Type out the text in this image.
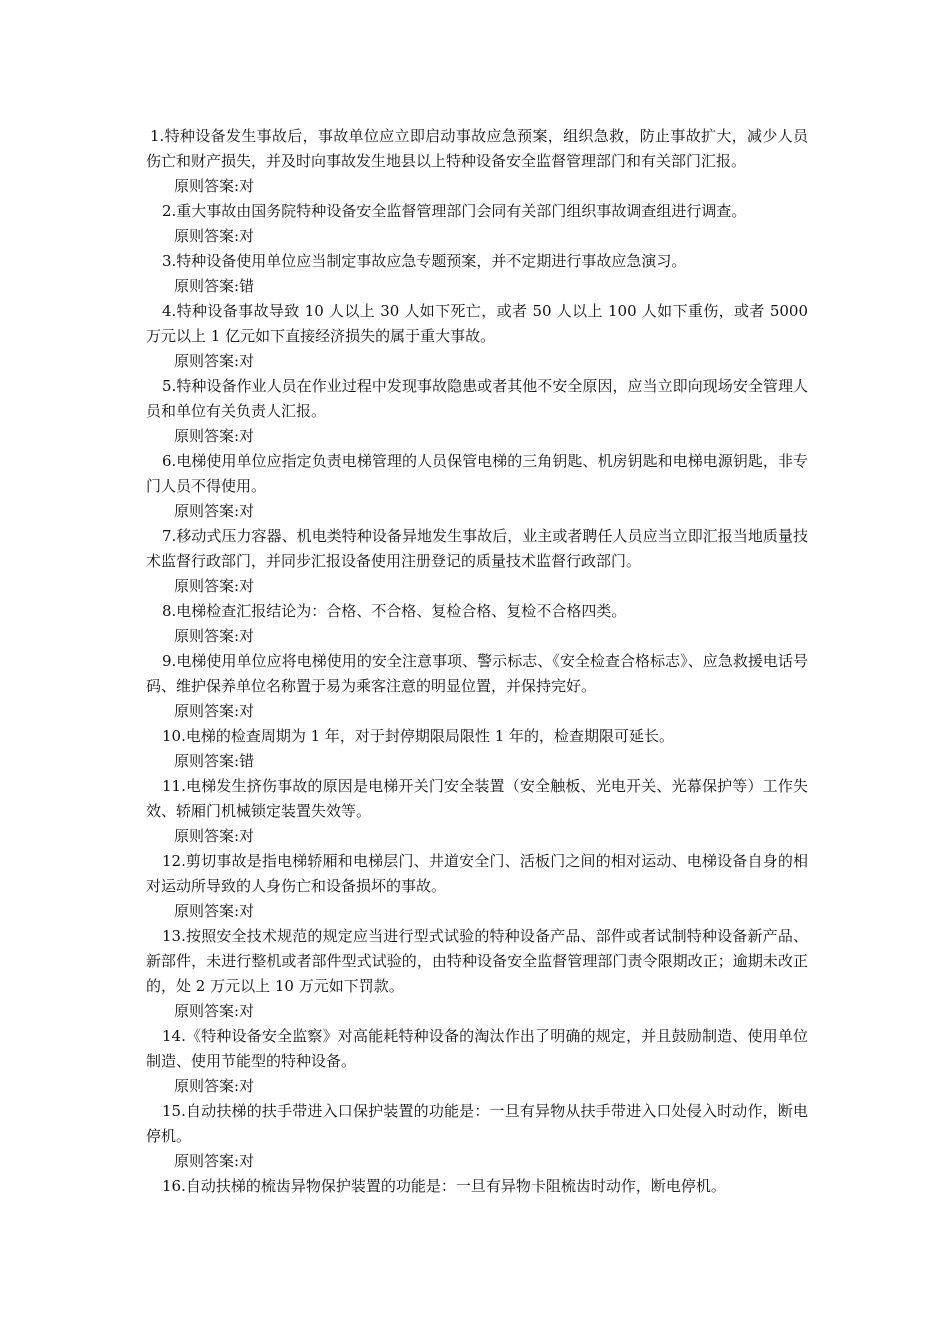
1.特种设备发生事故后，事故单位应立即启动事故应急预案，组织急救，防止事故扩大，减少人员伤亡和财产损失，并及时向事故发生地县以上特种设备安全监督管理部门和有关部门汇报。

原则答案:对

2.重大事故由国务院特种设备安全监督管理部门会同有关部门组织事故调查组进行调查。

原则答案:对

3.特种设备使用单位应当制定事故应急专题预案，并不定期进行事故应急演习。

原则答案:错

4.特种设备事故导致 10 人以上 30 人如下死亡，或者 50 人以上 100 人如下重伤，或者 5000 万元以上 1 亿元如下直接经济损失的属于重大事故。

原则答案:对

5.特种设备作业人员在作业过程中发现事故隐患或者其他不安全原因，应当立即向现场安全管理人员和单位有关负责人汇报。

原则答案:对

6.电梯使用单位应指定负责电梯管理的人员保管电梯的三角钥匙、机房钥匙和电梯电源钥匙，非专门人员不得使用。

原则答案:对

7.移动式压力容器、机电类特种设备异地发生事故后，业主或者聘任人员应当立即汇报当地质量技术监督行政部门，并同步汇报设备使用注册登记的质量技术监督行政部门。

原则答案:对

8.电梯检查汇报结论为：合格、不合格、复检合格、复检不合格四类。

原则答案:对

9.电梯使用单位应将电梯使用的安全注意事项、警示标志、《安全检查合格标志》、应急救援电话号码、维护保养单位名称置于易为乘客注意的明显位置，并保持完好。

原则答案:对

10.电梯的检查周期为 1 年，对于封停期限局限性 1 年的，检查期限可延长。

原则答案:错

11.电梯发生挤伤事故的原因是电梯开关门安全装置（安全触板、光电开关、光幕保护等）工作失效、轿厢门机械锁定装置失效等。

原则答案:对

12.剪切事故是指电梯轿厢和电梯层门、井道安全门、活板门之间的相对运动、电梯设备自身的相对运动所导致的人身伤亡和设备损坏的事故。

原则答案:对

13.按照安全技术规范的规定应当进行型式试验的特种设备产品、部件或者试制特种设备新产品、新部件，未进行整机或者部件型式试验的，由特种设备安全监督管理部门责令限期改正；逾期未改正的，处 2 万元以上 10 万元如下罚款。

原则答案:对

14.《特种设备安全监察》对高能耗特种设备的淘汰作出了明确的规定，并且鼓励制造、使用单位制造、使用节能型的特种设备。

原则答案:对

15.自动扶梯的扶手带进入口保护装置的功能是：一旦有异物从扶手带进入口处侵入时动作，断电停机。

原则答案:对

16.自动扶梯的梳齿异物保护装置的功能是：一旦有异物卡阻梳齿时动作，断电停机。
